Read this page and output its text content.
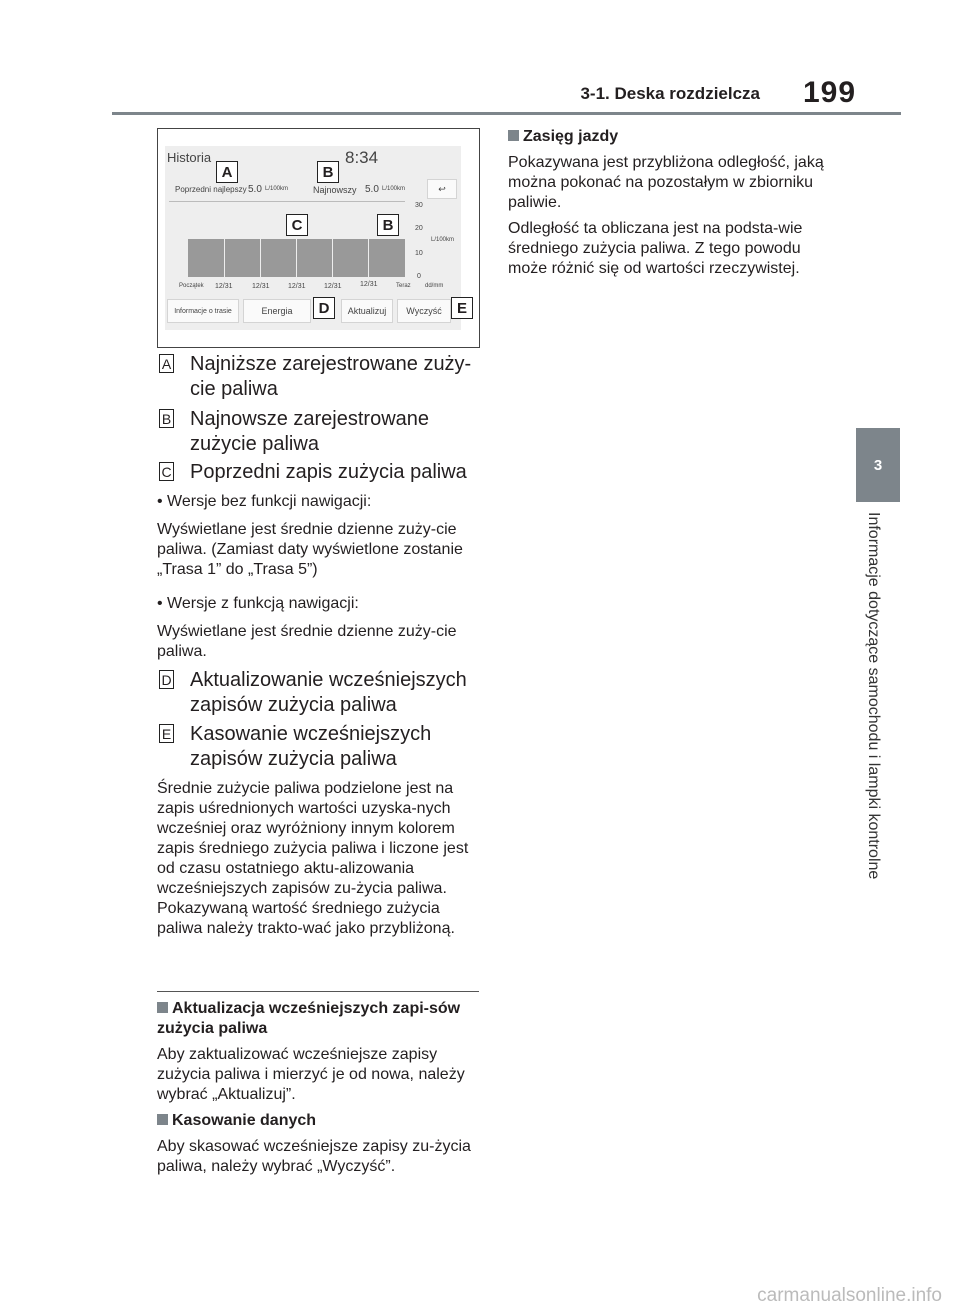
3-1. Deska rozdzielcza 199
3
Informacje dotyczące samochodu i lampki kontrolne
Historia	8:34
Poprzedni najlepszy 5.0 L/100km	Najnowszy 5.0 L/100km	↩
30
20
10
0
L/100km
Początek 12/31	12/31	12/31	12/31	12/31	Teraz dd/mm
Informacje o trasie	Energia	Aktualizuj	Wyczyść
A	B
C	B
D	E
A Najniższe zarejestrowane zuży-cie paliwa
B Najnowsze zarejestrowane zużycie paliwa
C Poprzedni zapis zużycia paliwa
• Wersje bez funkcji nawigacji:
Wyświetlane jest średnie dzienne zuży-cie paliwa. (Zamiast daty wyświetlone zostanie „Trasa 1” do „Trasa 5”)
• Wersje z funkcją nawigacji:
Wyświetlane jest średnie dzienne zuży-cie paliwa.
D Aktualizowanie wcześniejszych zapisów zużycia paliwa
E Kasowanie wcześniejszych zapisów zużycia paliwa
Średnie zużycie paliwa podzielone jest na zapis uśrednionych wartości uzyska-nych wcześniej oraz wyróżniony innym kolorem zapis średniego zużycia paliwa i liczone jest od czasu ostatniego aktu-alizowania wcześniejszych zapisów zu-życia paliwa. Pokazywaną wartość średniego zużycia paliwa należy trakto-wać jako przybliżoną.
Aktualizacja wcześniejszych zapi-sów zużycia paliwa
Aby zaktualizować wcześniejsze zapisy zużycia paliwa i mierzyć je od nowa, należy wybrać „Aktualizuj”.
Kasowanie danych
Aby skasować wcześniejsze zapisy zu-życia paliwa, należy wybrać „Wyczyść”.
Zasięg jazdy
Pokazywana jest przybliżona odległość, jaką można pokonać na pozostałym w zbiorniku paliwie.
Odległość ta obliczana jest na podsta-wie średniego zużycia paliwa. Z tego powodu może różnić się od wartości rzeczywistej.
carmanualsonline.info
